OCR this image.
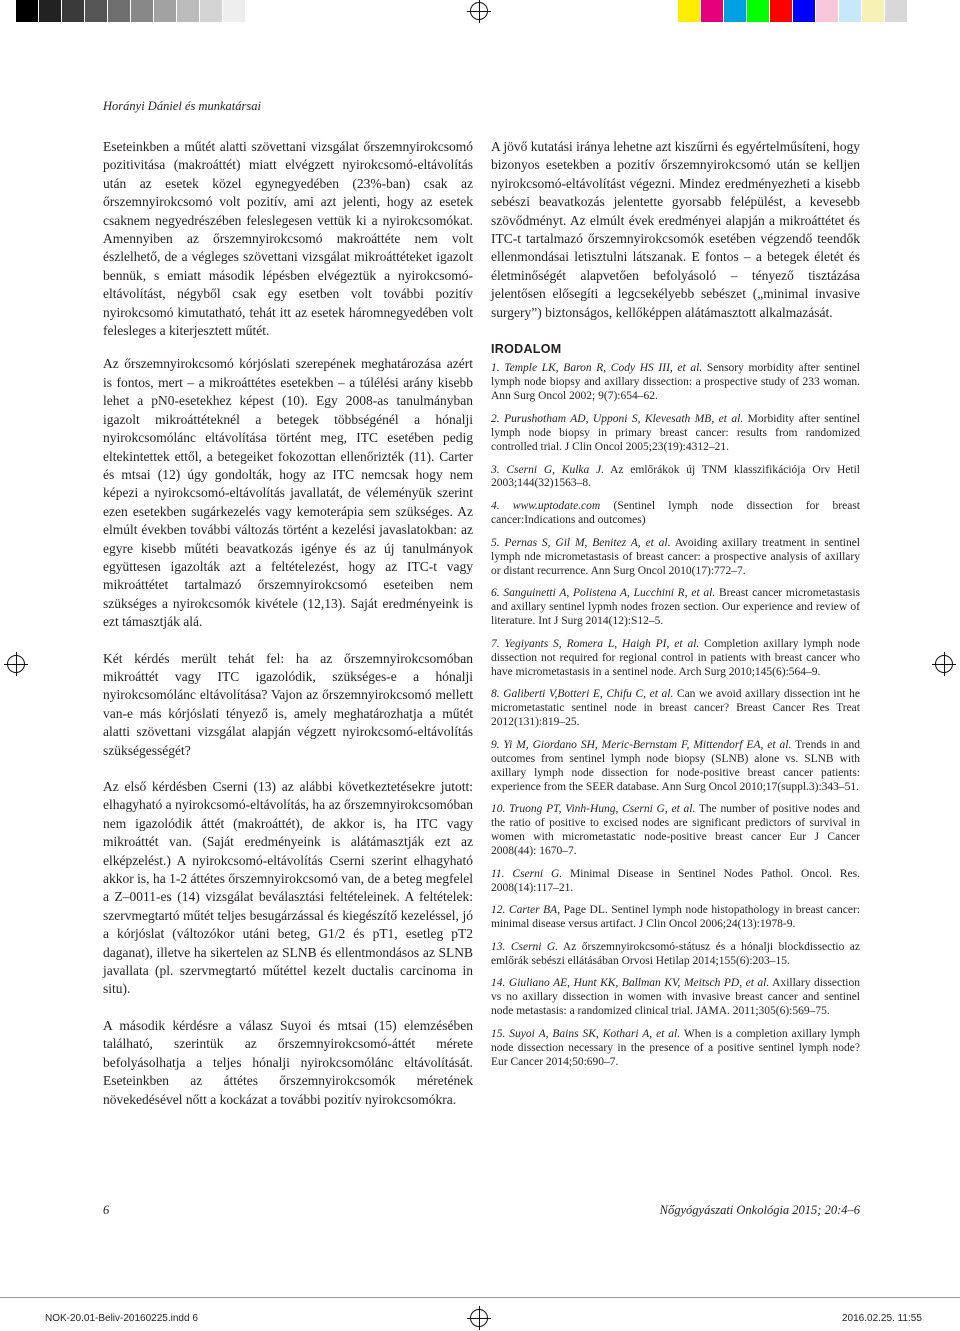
Horányi Dániel és munkatársai

Eseteinkben a műtét alatti szövettani vizsgálat őrszemnyirokcsomó pozitivitása (makroáttét) miatt elvégzett nyirokcsomó-eltávolítás után az esetek közel egynegyedében (23%-ban) csak az őrszemnyirokcsomó volt pozitív, ami azt jelenti, hogy az esetek csaknem negyedrészében feleslegesen vettük ki a nyirokcsomókat. Amennyiben az őrszemnyirokcsomó makroáttéte nem volt észlelhető, de a végleges szövettani vizsgálat mikroáttéteket igazolt bennük, s emiatt második lépésben elvégeztük a nyirokcsomó-eltávolítást, négyből csak egy esetben volt további pozitív nyirokcsomó kimutatható, tehát itt az esetek háromnegyedében volt felesleges a kiterjesztett műtét.

Az őrszemnyirokcsomó kórjóslati szerepének meghatározása azért is fontos, mert – a mikroáttétes esetekben – a túlélési arány kisebb lehet a pN0-esetekhez képest (10). Egy 2008-as tanulmányban igazolt mikroáttéteknél a betegek többségénél a hónalji nyirokcsomólánc eltávolítása történt meg, ITC esetében pedig eltekintettek ettől, a betegeiket fokozottan ellenőrizték (11). Carter és mtsai (12) úgy gondolták, hogy az ITC nemcsak hogy nem képezi a nyirokcsomó-eltávolítás javallatát, de véleményük szerint ezen esetekben sugárkezelés vagy kemoterápia sem szükséges. Az elmúlt években további változás történt a kezelési javaslatokban: az egyre kisebb műtéti beavatkozás igénye és az új tanulmányok együttesen igazolták azt a feltételezést, hogy az ITC-t vagy mikroáttétet tartalmazó őrszemnyirokcsomó eseteiben nem szükséges a nyirokcsomók kivétele (12,13). Saját eredményeink is ezt támasztják alá.

Két kérdés merült tehát fel: ha az őrszemnyirokcsomóban mikroáttét vagy ITC igazolódik, szükséges-e a hónalji nyirokcsomólánc eltávolítása? Vajon az őrszemnyirokcsomó mellett van-e más kórjóslati tényező is, amely meghatározhatja a műtét alatti szövettani vizsgálat alapján végzett nyirokcsomó-eltávolítás szükségességét?

Az első kérdésben Cserni (13) az alábbi következtetésekre jutott: elhagyható a nyirokcsomó-eltávolítás, ha az őrszemnyirokcsomóban nem igazolódik áttét (makroáttét), de akkor is, ha ITC vagy mikroáttét van. (Saját eredményeink is alátámasztják ezt az elképzelést.) A nyirokcsomó-eltávolítás Cserni szerint elhagyható akkor is, ha 1-2 áttétes őrszemnyirokcsomó van, de a beteg megfelel a Z–0011-es (14) vizsgálat beválasztási feltételeinek. A feltételek: szervmegtartó műtét teljes besugárzással és kiegészítő kezeléssel, jó a kórjóslat (változókor utáni beteg, G1/2 és pT1, esetleg pT2 daganat), illetve ha sikertelen az SLNB és ellentmondásos az SLNB javallata (pl. szervmegtartó műtéttel kezelt ductalis carcinoma in situ).

A második kérdésre a válasz Suyoi és mtsai (15) elemzésében található, szerintük az őrszemnyirokcsomó-áttét mérete befolyásolhatja a teljes hónalji nyirokcsomólánc eltávolítását. Eseteinkben az áttétes őrszemnyirokcsomók méretének növekedésével nőtt a kockázat a további pozitív nyirokcsomókra.

A jövő kutatási iránya lehetne azt kiszűrni és egyértelműsíteni, hogy bizonyos esetekben a pozitív őrszemnyirokcsomó után se kelljen nyirokcsomó-eltávolítást végezni. Mindez eredményezheti a kisebb sebészi beavatkozás jelentette gyorsabb felépülést, a kevesebb szövődményt. Az elmúlt évek eredményei alapján a mikroáttétet és ITC-t tartalmazó őrszemnyirokcsomók esetében végzendő teendők ellenmondásai letisztulni látszanak. E fontos – a betegek életét és életminőségét alapvetően befolyásoló – tényező tisztázása jelentősen elősegíti a legcsekélyebb sebészet („minimal invasive surgery”) biztonságos, kellőképpen alátámasztott alkalmazását.

IRODALOM
1. Temple LK, Baron R, Cody HS III, et al. Sensory morbidity after sentinel lymph node biopsy and axillary dissection: a prospective study of 233 woman. Ann Surg Oncol 2002; 9(7):654–62.
2. Purushotham AD, Upponi S, Klevesath MB, et al. Morbidity after sentinel lymph node biopsy in primary breast cancer: results from randomized controlled trial. J Clin Oncol 2005;23(19):4312–21.
3. Cserni G, Kulka J. Az emlőrákok új TNM klasszifikációja Orv Hetil 2003;144(32)1563–8.
4. www.uptodate.com (Sentinel lymph node dissection for breast cancer:Indications and outcomes)
5. Pernas S, Gil M, Benitez A, et al. Avoiding axillary treatment in sentinel lymph nde micrometastasis of breast cancer: a prospective analysis of axillary or distant recurrence. Ann Surg Oncol 2010(17):772–7.
6. Sanguinetti A, Polistena A, Lucchini R, et al. Breast cancer micrometastasis and axillary sentinel lypmh nodes frozen section. Our experience and review of literature. Int J Surg 2014(12):S12–5.
7. Yegiyants S, Romera L, Haigh PI, et al. Completion axillary lymph node dissection not required for regional control in patients with breast cancer who have micrometastasis in a sentinel node. Arch Surg 2010;145(6):564–9.
8. Galiberti V,Botteri E, Chifu C, et al. Can we avoid axillary dissection int he micrometastatic sentinel node in breast cancer? Breast Cancer Res Treat 2012(131):819–25.
9. Yi M, Giordano SH, Meric-Bernstam F, Mittendorf EA, et al. Trends in and outcomes from sentinel lymph node biopsy (SLNB) alone vs. SLNB with axillary lymph node dissection for node-positive breast cancer patients: experience from the SEER database. Ann Surg Oncol 2010;17(suppl.3):343–51.
10. Truong PT, Vinh-Hung, Cserni G, et al. The number of positive nodes and the ratio of positive to excised nodes are significant predictors of survival in women with micrometastatic node-positive breast cancer Eur J Cancer 2008(44): 1670–7.
11. Cserni G. Minimal Disease in Sentinel Nodes Pathol. Oncol. Res. 2008(14):117–21.
12. Carter BA, Page DL. Sentinel lymph node histopathology in breast cancer: minimal disease versus artifact. J Clin Oncol 2006;24(13):1978-9.
13. Cserni G. Az őrszemnyirokcsomó-státusz és a hónalji blockdissectio az emlőrák sebészi ellátásában Orvosi Hetilap 2014;155(6):203–15.
14. Giuliano AE, Hunt KK, Ballman KV, Meitsch PD, et al. Axillary dissection vs no axillary dissection in women with invasive breast cancer and sentinel node metastasis: a randomized clinical trial. JAMA. 2011;305(6):569–75.
15. Suyoi A, Bains SK, Kothari A, et al. When is a completion axillary lymph node dissection necessary in the presence of a positive sentinel lymph node? Eur Cancer 2014;50:690–7.
6	Nőgyógyászati Onkológia 2015; 20:4–6
NOK-20.01-Beliv-20160225.indd 6	2016.02.25. 11:55
